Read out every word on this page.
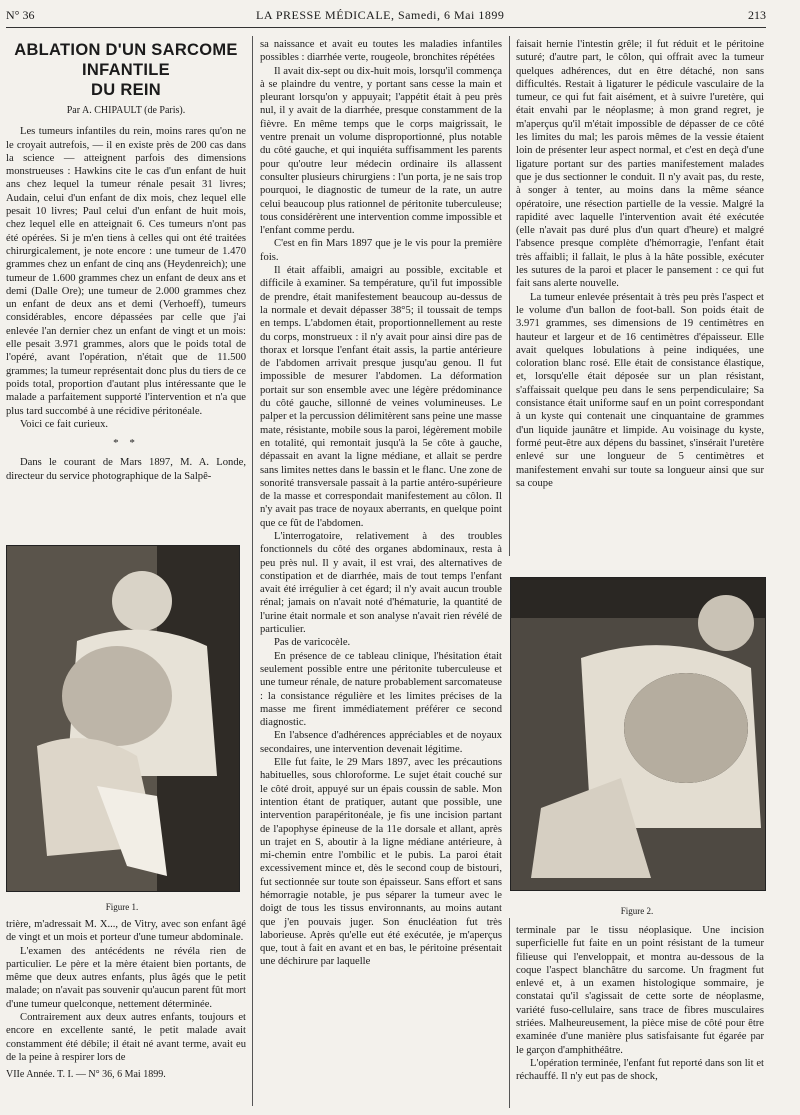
N° 36	LA PRESSE MÉDICALE, Samedi, 6 Mai 1899	213
ABLATION D'UN SARCOME INFANTILE
DU REIN
Par A. CHIPAULT (de Paris).

Les tumeurs infantiles du rein, moins rares qu'on ne le croyait autrefois, — il en existe près de 200 cas dans la science — atteignent parfois des dimensions monstrueuses : Hawkins cite le cas d'un enfant de huit ans chez lequel la tumeur rénale pesait 31 livres; Audain, celui d'un enfant de dix mois, chez lequel elle pesait 10 livres; Paul celui d'un enfant de huit mois, chez lequel elle en atteignait 6. Ces tumeurs n'ont pas été opérées. Si je m'en tiens à celles qui ont été traitées chirurgicalement, je note encore : une tumeur de 1.470 grammes chez un enfant de cinq ans (Heydenreich); une tumeur de 1.600 grammes chez un enfant de deux ans et demi (Dalle Ore); une tumeur de 2.000 grammes chez un enfant de deux ans et demi (Verhoeff), tumeurs considérables, encore dépassées par celle que j'ai enlevée l'an dernier chez un enfant de vingt et un mois: elle pesait 3.971 grammes, alors que le poids total de l'opéré, avant l'opération, n'était que de 11.500 grammes; la tumeur représentait donc plus du tiers de ce poids total, proportion d'autant plus intéressante que le malade a parfaitement supporté l'intervention et n'a que plus tard succombé à une récidive péritonéale.

Voici ce fait curieux.

* *

Dans le courant de Mars 1897, M. A. Londe, directeur du service photographique de la Salpê-

Figure 1.

trière, m'adressait M. X..., de Vitry, avec son enfant âgé de vingt et un mois et porteur d'une tumeur abdominale.

L'examen des antécédents ne révéla rien de particulier. Le père et la mère étaient bien portants, de même que deux autres enfants, plus âgés que le petit malade; on n'avait pas souvenir qu'aucun parent fût mort d'une tumeur quelconque, nettement déterminée.

Contrairement aux deux autres enfants, toujours et encore en excellente santé, le petit malade avait constamment été débile; il était né avant terme, avait eu de la peine à respirer lors de

VIIe Année. T. I. — N° 36, 6 Mai 1899.

sa naissance et avait eu toutes les maladies infantiles possibles : diarrhée verte, rougeole, bronchites répétées

Il avait dix-sept ou dix-huit mois, lorsqu'il commença à se plaindre du ventre, y portant sans cesse la main et pleurant lorsqu'on y appuyait; l'appétit était à peu près nul, il y avait de la diarrhée, presque constamment de la fièvre. En même temps que le corps maigrissait, le ventre prenait un volume disproportionné, plus notable du côté gauche, et qui inquiéta suffisamment les parents pour qu'outre leur médecin ordinaire ils allassent consulter plusieurs chirurgiens : l'un porta, je ne sais trop pourquoi, le diagnostic de tumeur de la rate, un autre celui beaucoup plus rationnel de péritonite tuberculeuse; tous considérèrent une intervention comme impossible et l'enfant comme perdu.

C'est en fin Mars 1897 que je le vis pour la première fois.

Il était affaibli, amaigri au possible, excitable et difficile à examiner. Sa température, qu'il fut impossible de prendre, était manifestement beaucoup au-dessus de la normale et devait dépasser 38°5; il toussait de temps en temps. L'abdomen était, proportionnellement au reste du corps, monstrueux : il n'y avait pour ainsi dire pas de thorax et lorsque l'enfant était assis, la partie antérieure de l'abdomen arrivait presque jusqu'au genou. Il fut impossible de mesurer l'abdomen. La déformation portait sur son ensemble avec une légère prédominance du côté gauche, sillonné de veines volumineuses. Le palper et la percussion délimitèrent sans peine une masse mate, résistante, mobile sous la paroi, légèrement mobile en totalité, qui remontait jusqu'à la 5e côte à gauche, dépassait en avant la ligne médiane, et allait se perdre sans limites nettes dans le bassin et le flanc. Une zone de sonorité transversale passait à la partie antéro-supérieure de la masse et correspondait manifestement au côlon. Il n'y avait pas trace de noyaux aberrants, en quelque point que ce fût de l'abdomen.

L'interrogatoire, relativement à des troubles fonctionnels du côté des organes abdominaux, resta à peu près nul. Il y avait, il est vrai, des alternatives de constipation et de diarrhée, mais de tout temps l'enfant avait été irrégulier à cet égard; il n'y avait aucun trouble rénal; jamais on n'avait noté d'hématurie, la quantité de l'urine était normale et son analyse n'avait rien révélé de particulier.

Pas de varicocèle.

En présence de ce tableau clinique, l'hésitation était seulement possible entre une péritonite tuberculeuse et une tumeur rénale, de nature probablement sarcomateuse : la consistance régulière et les limites précises de la masse me firent immédiatement préférer ce second diagnostic.

En l'absence d'adhérences appréciables et de noyaux secondaires, une intervention devenait légitime.

Elle fut faite, le 29 Mars 1897, avec les précautions habituelles, sous chloroforme. Le sujet était couché sur le côté droit, appuyé sur un épais coussin de sable. Mon intention étant de pratiquer, autant que possible, une intervention parapéritonéale, je fis une incision partant de l'apophyse épineuse de la 11e dorsale et allant, après un trajet en S, aboutir à la ligne médiane antérieure, à mi-chemin entre l'ombilic et le pubis. La paroi était excessivement mince et, dès le second coup de bistouri, fut sectionnée sur toute son épaisseur. Sans effort et sans hémorragie notable, je pus séparer la tumeur avec le doigt de tous les tissus environnants, au moins autant que j'en pouvais juger. Son énucléation fut très laborieuse. Après qu'elle eut été exécutée, je m'aperçus que, tout à fait en avant et en bas, le péritoine présentait une déchirure par laquelle

faisait hernie l'intestin grêle; il fut réduit et le péritoine suturé; d'autre part, le côlon, qui offrait avec la tumeur quelques adhérences, dut en être détaché, non sans difficultés. Restait à ligaturer le pédicule vasculaire de la tumeur, ce qui fut fait aisément, et à suivre l'uretère, qui était envahi par le néoplasme; à mon grand regret, je m'aperçus qu'il m'était impossible de dépasser de ce côté les limites du mal; les parois mêmes de la vessie étaient loin de présenter leur aspect normal, et c'est en deçà d'une ligature portant sur des parties manifestement malades que je dus sectionner le conduit. Il n'y avait pas, du reste, à songer à tenter, au moins dans la même séance opératoire, une résection partielle de la vessie. Malgré la rapidité avec laquelle l'intervention avait été exécutée (elle n'avait pas duré plus d'un quart d'heure) et malgré l'absence presque complète d'hémorragie, l'enfant était très affaibli; il fallait, le plus à la hâte possible, exécuter les sutures de la paroi et placer le pansement : ce qui fut fait sans alerte nouvelle.

La tumeur enlevée présentait à très peu près l'aspect et le volume d'un ballon de foot-ball. Son poids était de 3.971 grammes, ses dimensions de 19 centimètres en hauteur et largeur et de 16 centimètres d'épaisseur. Elle avait quelques lobulations à peine indiquées, une coloration blanc rosé. Elle était de consistance élastique, et, lorsqu'elle était déposée sur un plan résistant, s'affaissait quelque peu dans le sens perpendiculaire; Sa consistance était uniforme sauf en un point correspondant à un kyste qui contenait une cinquantaine de grammes d'un liquide jaunâtre et limpide. Au voisinage du kyste, formé peut-être aux dépens du bassinet, s'insérait l'uretère enlevé sur une longueur de 5 centimètres et manifestement envahi sur toute sa longueur ainsi que sur sa coupe

Figure 2.

terminale par le tissu néoplasique. Une incision superficielle fut faite en un point résistant de la tumeur filieuse qui l'enveloppait, et montra au-dessous de la coque l'aspect blanchâtre du sarcome. Un fragment fut enlevé et, à un examen histologique sommaire, je constatai qu'il s'agissait de cette sorte de néoplasme, variété fuso-cellulaire, sans trace de fibres musculaires striées. Malheureusement, la pièce mise de côté pour être examinée d'une manière plus satisfaisante fut égarée par le garçon d'amphithéâtre.

L'opération terminée, l'enfant fut reporté dans son lit et réchauffé. Il n'y eut pas de shock,
